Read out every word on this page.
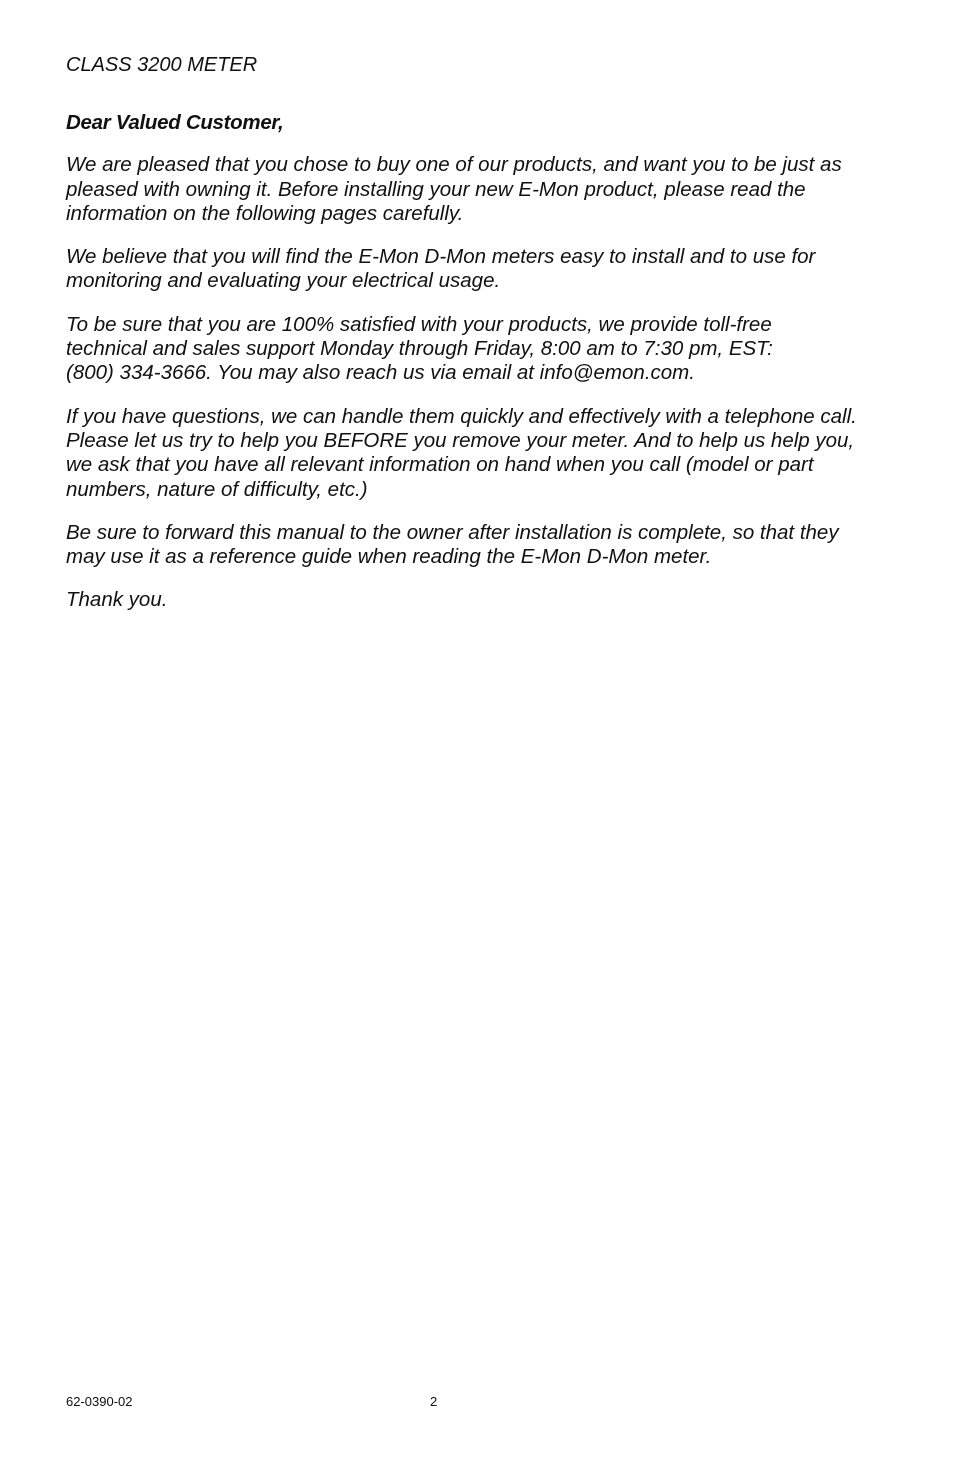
CLASS 3200 METER

Dear Valued Customer,

We are pleased that you chose to buy one of our products, and want you to be just as
pleased with owning it. Before installing your new E-Mon product, please read the
information on the following pages carefully.

We believe that you will find the E-Mon D-Mon meters easy to install and to use for
monitoring and evaluating your electrical usage.

To be sure that you are 100% satisfied with your products, we provide toll-free
technical and sales support Monday through Friday, 8:00 am to 7:30 pm, EST:
(800) 334-3666. You may also reach us via email at info@emon.com.

If you have questions, we can handle them quickly and effectively with a telephone call.
Please let us try to help you BEFORE you remove your meter. And to help us help you,
we ask that you have all relevant information on hand when you call (model or part
numbers, nature of difficulty, etc.)

Be sure to forward this manual to the owner after installation is complete, so that they
may use it as a reference guide when reading the E-Mon D-Mon meter.

Thank you.

62-0390-02	2
